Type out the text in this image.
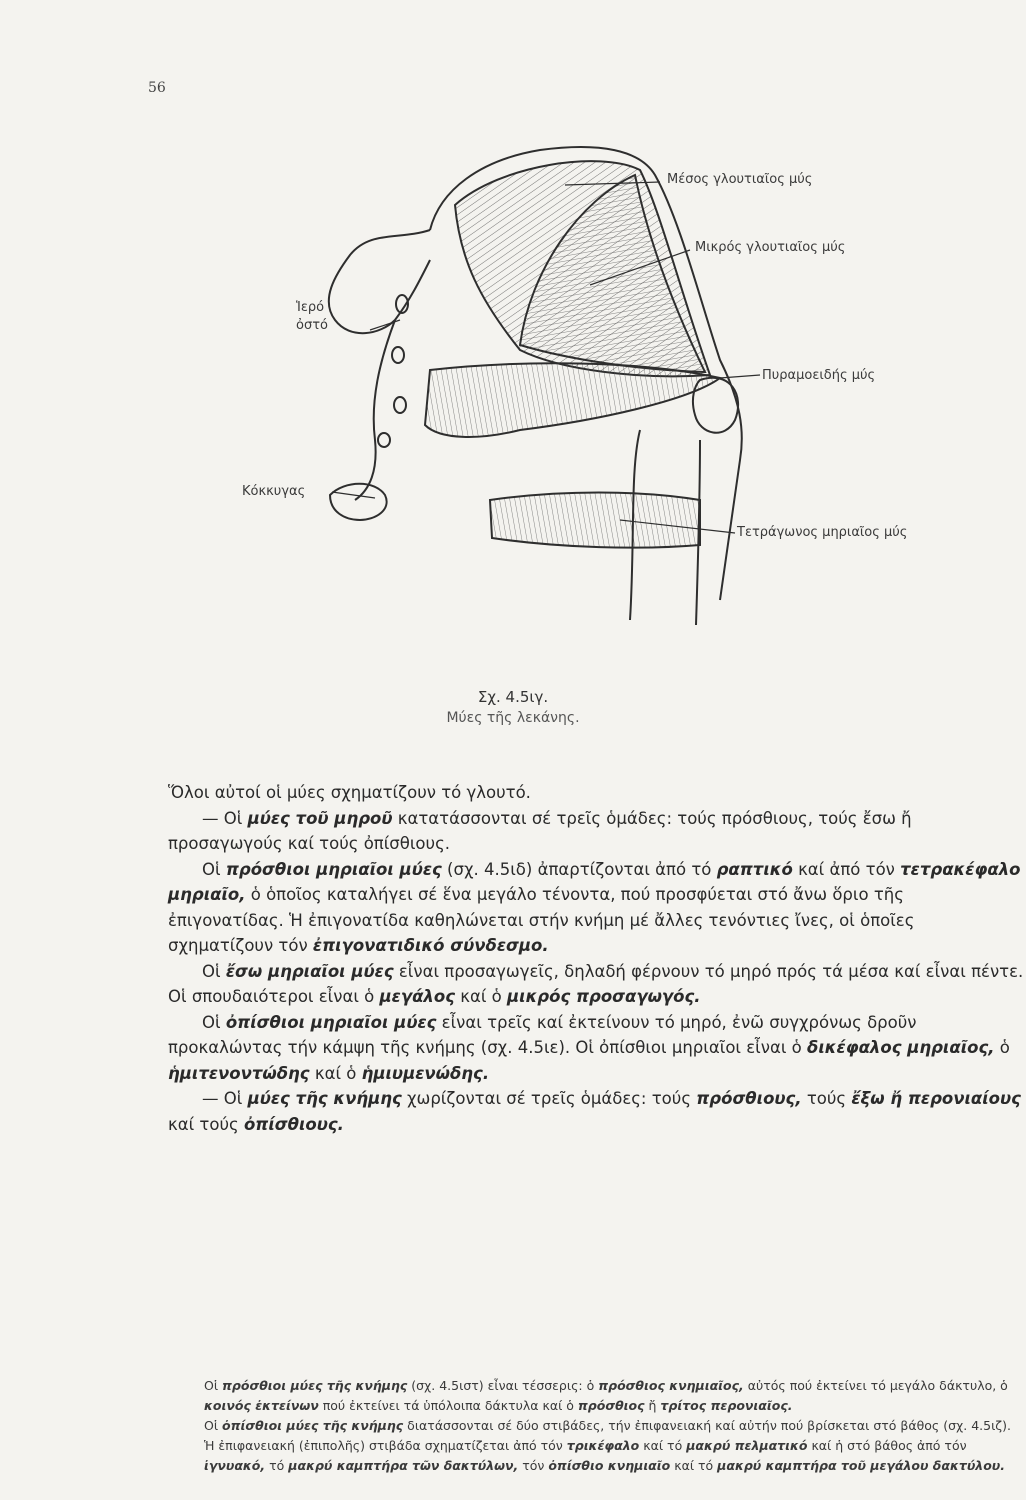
56
Μέσος γλουτιαῖος μύς
Μικρός γλουτιαῖος μύς
Ἱερό
ὀστό
Πυραμοειδής μύς
Κόκκυγας
Τετράγωνος μηριαῖος μύς
Σχ. 4.5ιγ.
Μύες τῆς λεκάνης.

Ὅλοι αὐτοί οἱ μύες σχηματίζουν τό γλουτό.

— Οἱ μύες τοῦ μηροῦ κατατάσσονται σέ τρεῖς ὁμάδες: τούς πρόσθιους, τούς ἔσω ἤ προσαγωγούς καί τούς ὀπίσθιους.

Οἱ πρόσθιοι μηριαῖοι μύες (σχ. 4.5ιδ) ἀπαρτίζονται ἀπό τό ραπτικό καί ἀπό τόν τετρακέφαλο μηριαῖο, ὁ ὁποῖος καταλήγει σέ ἕνα μεγάλο τένοντα, πού προσφύεται στό ἄνω ὅριο τῆς ἐπιγονατίδας. Ἡ ἐπιγονατίδα καθηλώνεται στήν κνήμη μέ ἄλλες τενόντιες ἴνες, οἱ ὁποῖες σχηματίζουν τόν ἐπιγονατιδικό σύνδεσμο.

Οἱ ἔσω μηριαῖοι μύες εἶναι προσαγωγεῖς, δηλαδή φέρνουν τό μηρό πρός τά μέσα καί εἶναι πέντε. Οἱ σπουδαιότεροι εἶναι ὁ μεγάλος καί ὁ μικρός προσαγωγός.

Οἱ ὀπίσθιοι μηριαῖοι μύες εἶναι τρεῖς καί ἐκτείνουν τό μηρό, ἐνῶ συγχρόνως δροῦν προκαλώντας τήν κάμψη τῆς κνήμης (σχ. 4.5ιε). Οἱ ὀπίσθιοι μηριαῖοι εἶναι ὁ δικέφαλος μηριαῖος, ὁ ἡμιτενοντώδης καί ὁ ἡμιυμενώδης.

— Οἱ μύες τῆς κνήμης χωρίζονται σέ τρεῖς ὁμάδες: τούς πρόσθιους, τούς ἔξω ἤ περονιαίους καί τούς ὀπίσθιους.

Οἱ πρόσθιοι μύες τῆς κνήμης (σχ. 4.5ιστ) εἶναι τέσσερις: ὁ πρόσθιος κνημιαῖος, αὐτός πού ἐκτείνει τό μεγάλο δάκτυλο, ὁ κοινός ἐκτείνων πού ἐκτείνει τά ὑπόλοιπα δάκτυλα καί ὁ πρόσθιος ἤ τρίτος περονιαῖος.

Οἱ ὀπίσθιοι μύες τῆς κνήμης διατάσσονται σέ δύο στιβάδες, τήν ἐπιφανειακή καί αὐτήν πού βρίσκεται στό βάθος (σχ. 4.5ιζ). Ἡ ἐπιφανειακή (ἐπιπολῆς) στιβάδα σχηματίζεται ἀπό τόν τρικέφαλο καί τό μακρύ πελματικό καί ἡ στό βάθος ἀπό τόν ἰγνυακό, τό μακρύ καμπτήρα τῶν δακτύλων, τόν ὀπίσθιο κνημιαῖο καί τό μακρύ καμπτήρα τοῦ μεγάλου δακτύλου.
